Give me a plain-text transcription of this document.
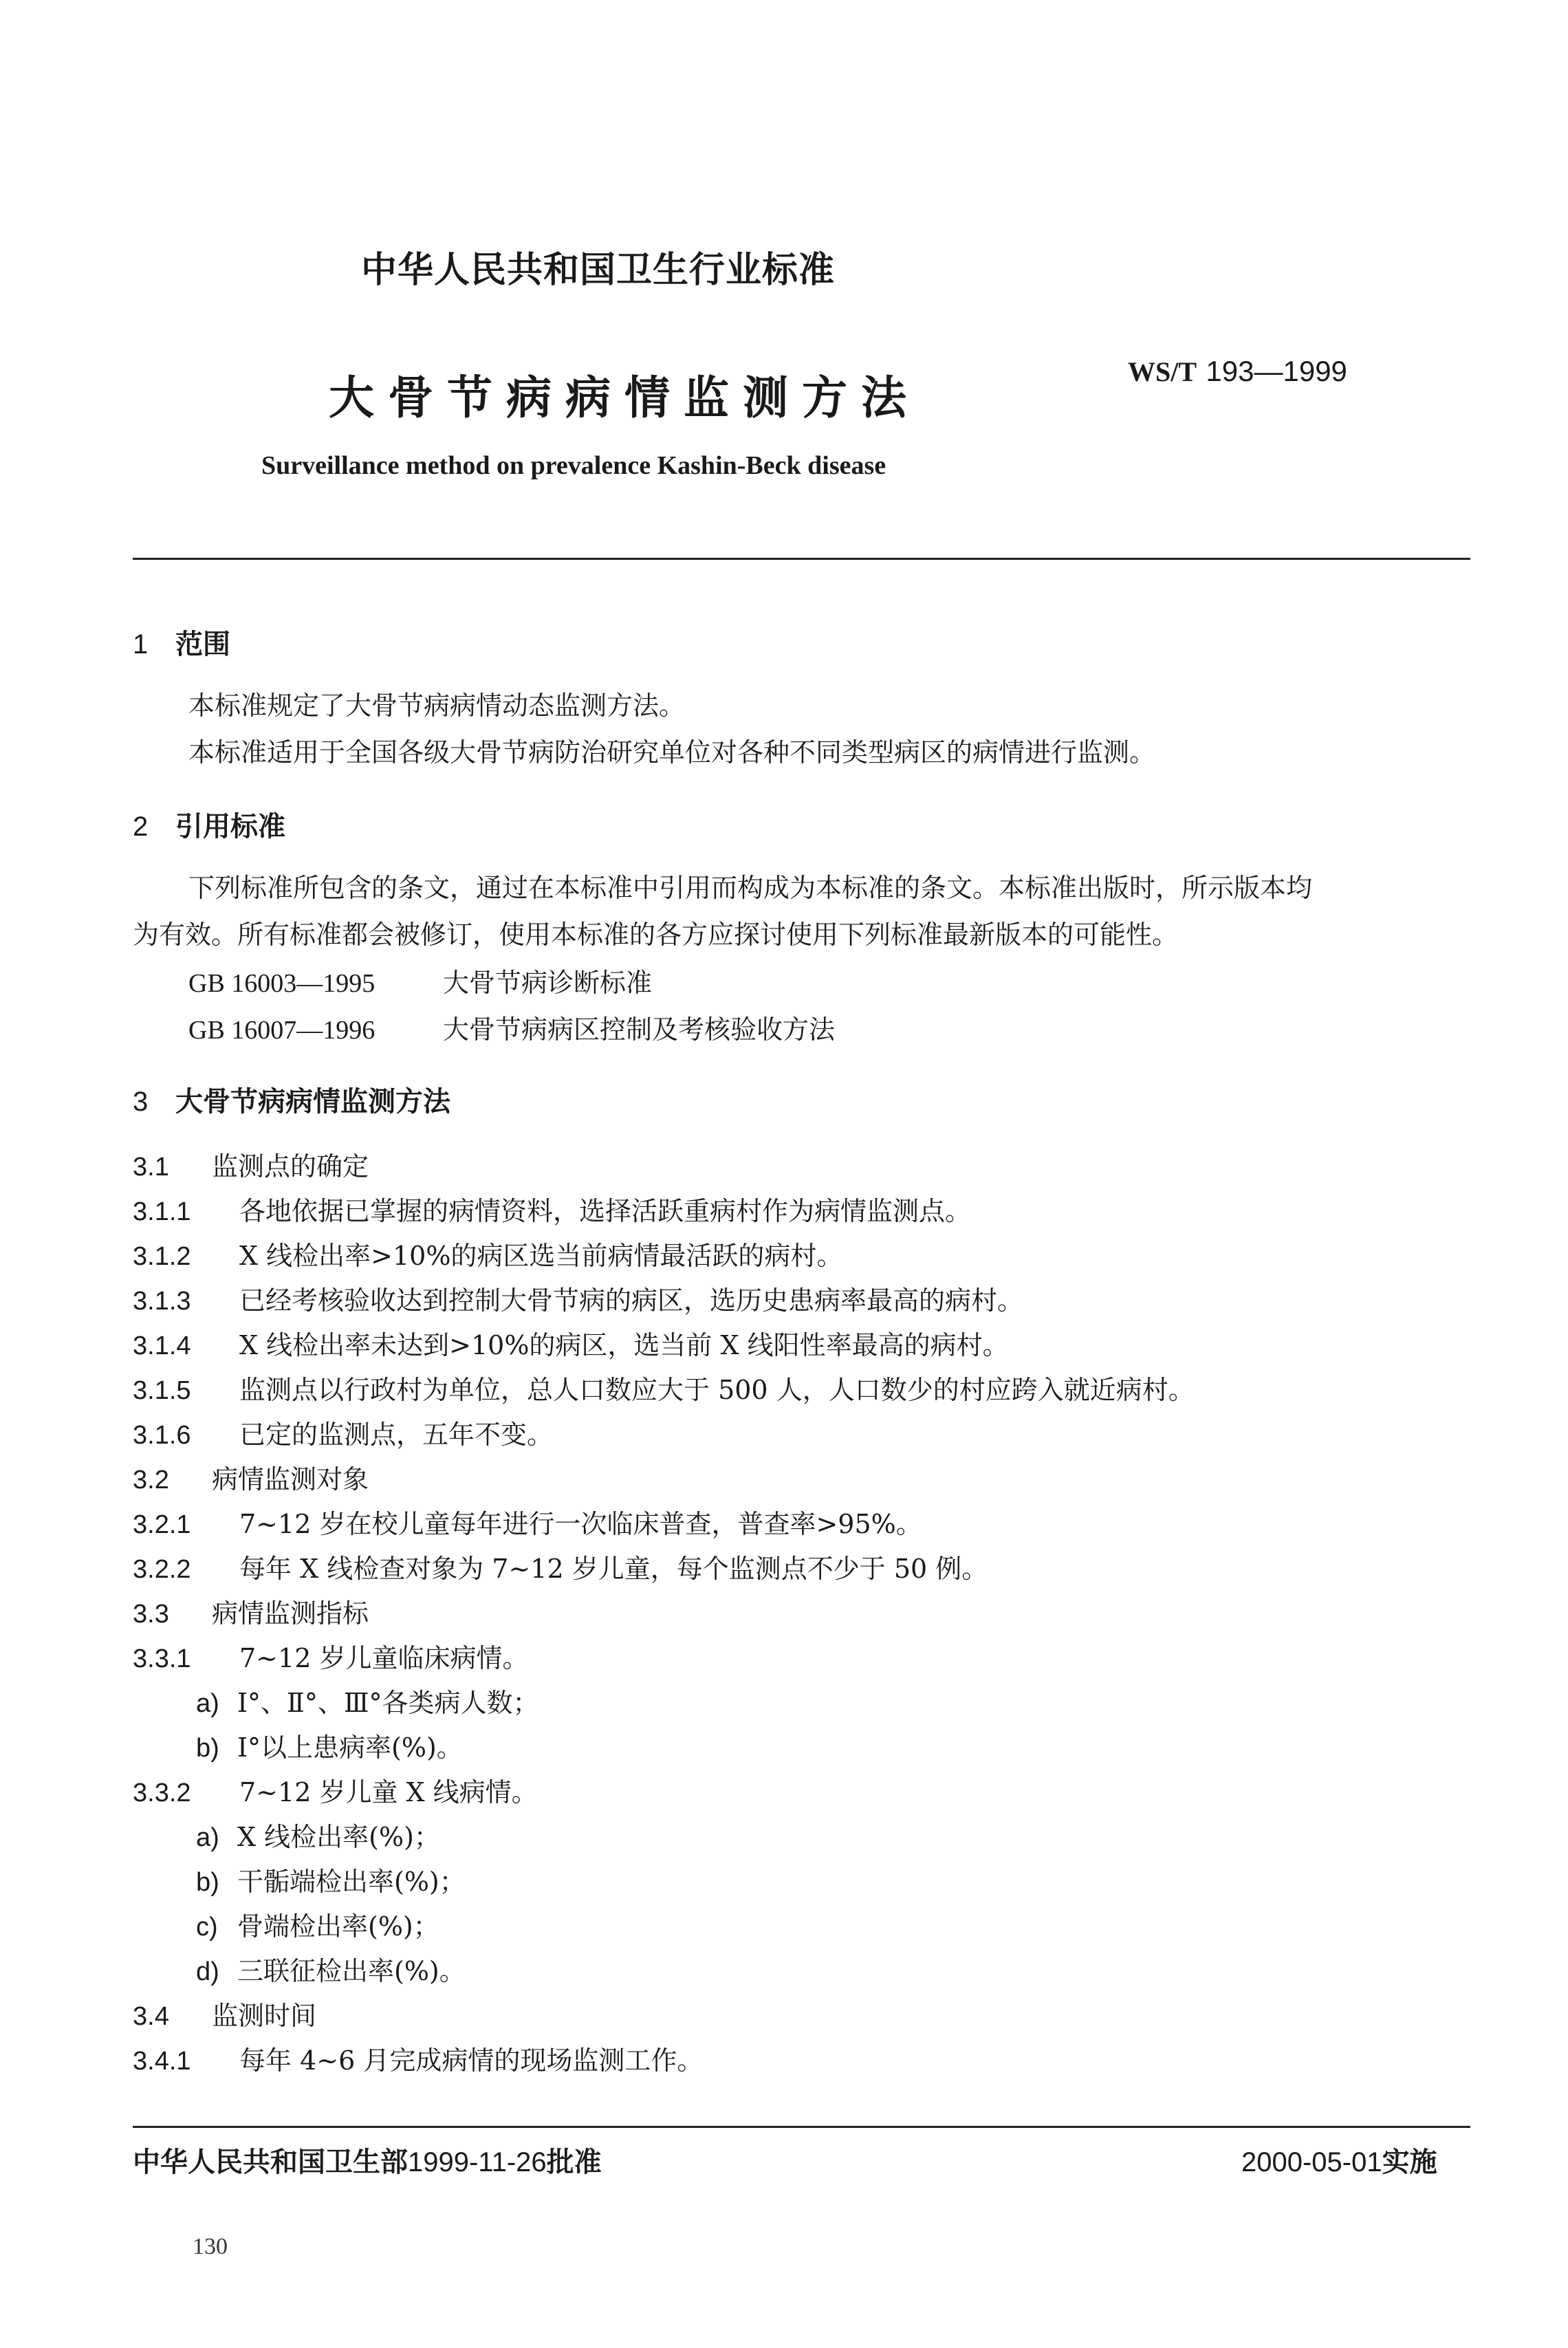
中华人民共和国卫生行业标准
大骨节病病情监测方法	WS/T 193—1999
Surveillance method on prevalence Kashin-Beck disease
1 范围
本标准规定了大骨节病病情动态监测方法。
本标准适用于全国各级大骨节病防治研究单位对各种不同类型病区的病情进行监测。
2 引用标准
下列标准所包含的条文，通过在本标准中引用而构成为本标准的条文。本标准出版时，所示版本均
为有效。所有标准都会被修订，使用本标准的各方应探讨使用下列标准最新版本的可能性。
GB 16003—1995	大骨节病诊断标准
GB 16007—1996	大骨节病病区控制及考核验收方法
3 大骨节病病情监测方法
3.1 监测点的确定
3.1.1 各地依据已掌握的病情资料，选择活跃重病村作为病情监测点。
3.1.2 X 线检出率>10%的病区选当前病情最活跃的病村。
3.1.3 已经考核验收达到控制大骨节病的病区，选历史患病率最高的病村。
3.1.4 X 线检出率未达到>10%的病区，选当前 X 线阳性率最高的病村。
3.1.5 监测点以行政村为单位，总人口数应大于 500 人，人口数少的村应跨入就近病村。
3.1.6 已定的监测点，五年不变。
3.2 病情监测对象
3.2.1 7~12 岁在校儿童每年进行一次临床普查，普查率>95%。
3.2.2 每年 X 线检查对象为 7~12 岁儿童，每个监测点不少于 50 例。
3.3 病情监测指标
3.3.1 7~12 岁儿童临床病情。
a) Ⅰ°、Ⅱ°、Ⅲ°各类病人数；
b) Ⅰ°以上患病率(%)。
3.3.2 7~12 岁儿童 X 线病情。
a) X 线检出率(%)；
b) 干骺端检出率(%)；
c) 骨端检出率(%)；
d) 三联征检出率(%)。
3.4 监测时间
3.4.1 每年 4~6 月完成病情的现场监测工作。
中华人民共和国卫生部1999-11-26批准	2000-05-01实施
130
